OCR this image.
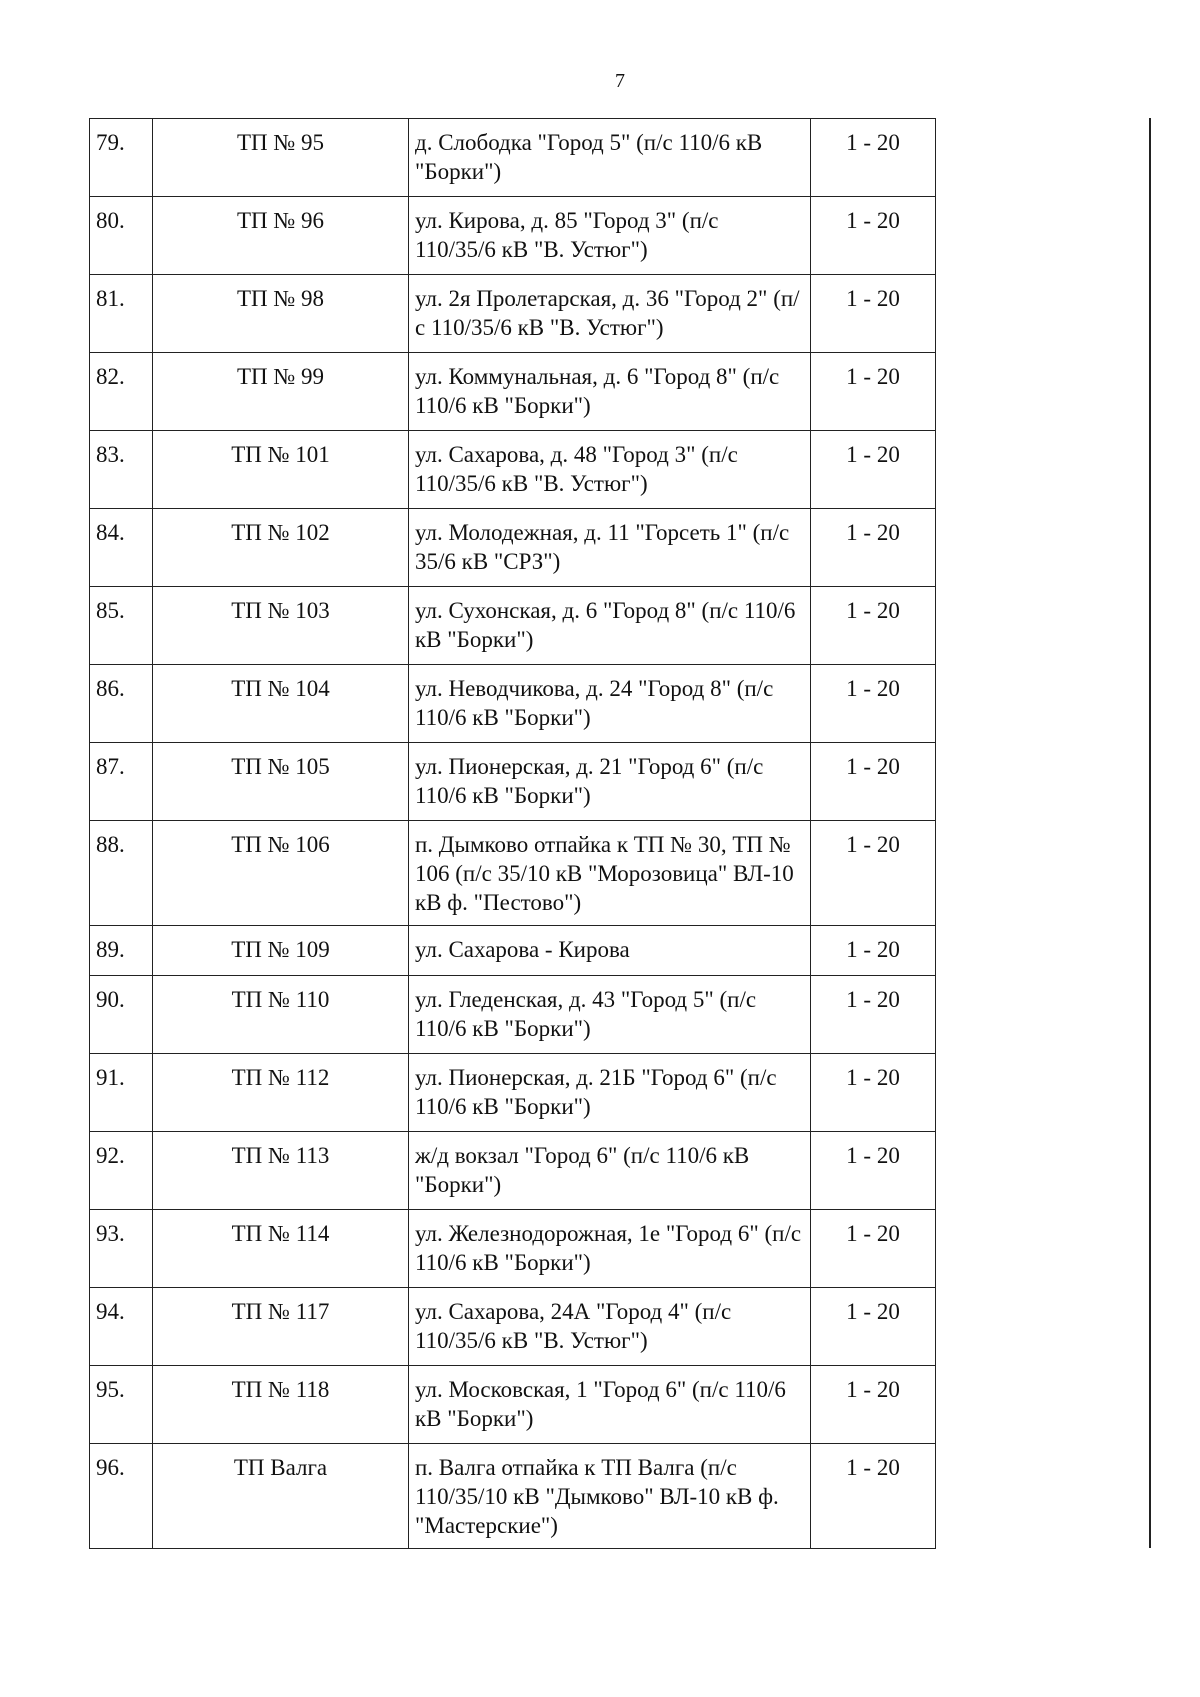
7
79.	ТП № 95	д. Слободка "Город 5" (п/с 110/6 кВ "Борки")	1 - 20
80.	ТП № 96	ул. Кирова, д. 85 "Город 3" (п/с 110/35/6 кВ "В. Устюг")	1 - 20
81.	ТП № 98	ул. 2я Пролетарская, д. 36 "Город 2" (п/с 110/35/6 кВ "В. Устюг")	1 - 20
82.	ТП № 99	ул. Коммунальная, д. 6 "Город 8" (п/с 110/6 кВ "Борки")	1 - 20
83.	ТП № 101	ул. Сахарова, д. 48 "Город 3" (п/с 110/35/6 кВ "В. Устюг")	1 - 20
84.	ТП № 102	ул. Молодежная, д. 11 "Горсеть 1" (п/с 35/6 кВ "СРЗ")	1 - 20
85.	ТП № 103	ул. Сухонская, д. 6 "Город 8" (п/с 110/6 кВ "Борки")	1 - 20
86.	ТП № 104	ул. Неводчикова, д. 24 "Город 8" (п/с 110/6 кВ "Борки")	1 - 20
87.	ТП № 105	ул. Пионерская, д. 21 "Город 6" (п/с 110/6 кВ "Борки")	1 - 20
88.	ТП № 106	п. Дымково отпайка к ТП № 30, ТП № 106 (п/с 35/10 кВ "Морозовица" ВЛ-10 кВ ф. "Пестово")	1 - 20
89.	ТП № 109	ул. Сахарова - Кирова	1 - 20
90.	ТП № 110	ул. Гледенская, д. 43 "Город 5" (п/с 110/6 кВ "Борки")	1 - 20
91.	ТП № 112	ул. Пионерская, д. 21Б "Город 6" (п/с 110/6 кВ "Борки")	1 - 20
92.	ТП № 113	ж/д вокзал "Город 6" (п/с 110/6 кВ "Борки")	1 - 20
93.	ТП № 114	ул. Железнодорожная, 1е "Город 6" (п/с 110/6 кВ "Борки")	1 - 20
94.	ТП № 117	ул. Сахарова, 24А "Город 4" (п/с 110/35/6 кВ "В. Устюг")	1 - 20
95.	ТП № 118	ул. Московская, 1 "Город 6" (п/с 110/6 кВ "Борки")	1 - 20
96.	ТП Валга	п. Валга отпайка к ТП Валга (п/с 110/35/10 кВ "Дымково" ВЛ-10 кВ ф. "Мастерские")	1 - 20
